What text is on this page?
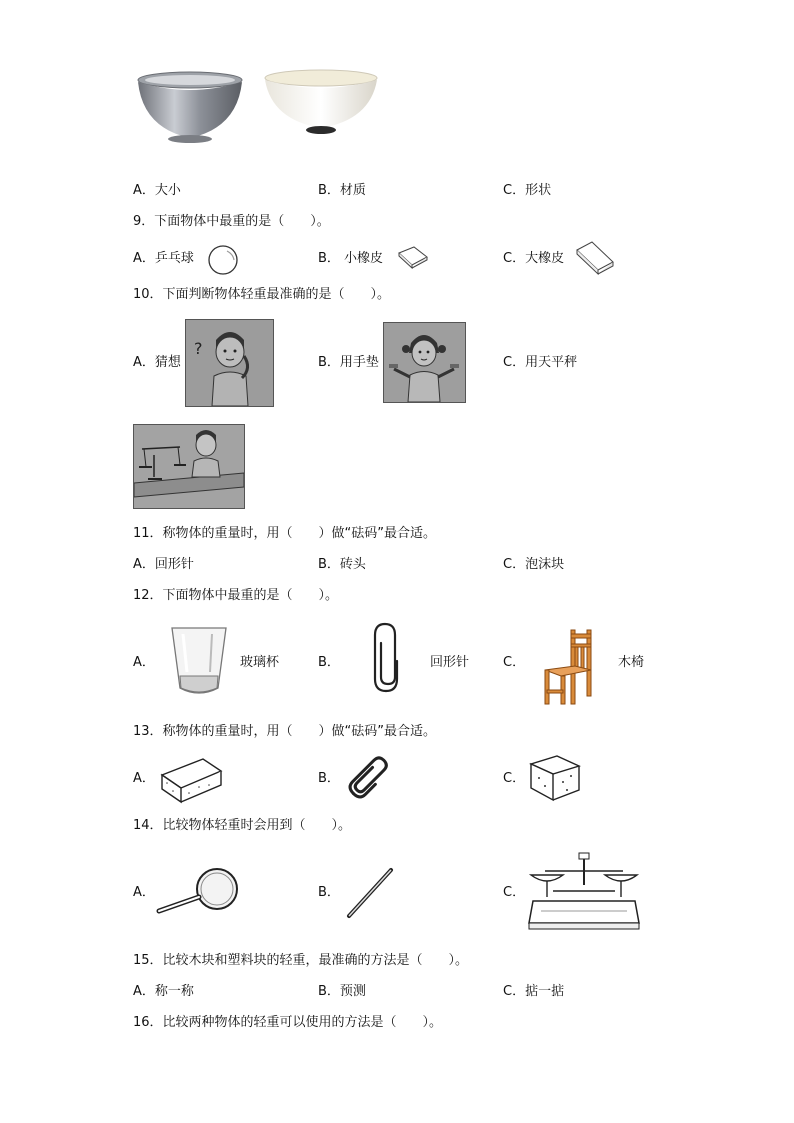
A．大小	B．材质	C．形状
9．下面物体中最重的是（　　）。
A．乒乓球	B． 小橡皮	C．大橡皮
10．下面判断物体轻重最准确的是（　　）。
A．猜想
?
B．用手垫	C．用天平秤
11．称物体的重量时，用（　　）做“砝码”最合适。
A．回形针	B．砖头	C．泡沫块
12．下面物体中最重的是（　　）。
A．	玻璃杯	B．	回形针	C．	木椅
13．称物体的重量时，用（　　）做“砝码”最合适。
A．	B．	C．
14．比较物体轻重时会用到（　　）。
A．	B．	C．
15．比较木块和塑料块的轻重，最准确的方法是（　　）。
A．称一称	B．预测	C．掂一掂
16．比较两种物体的轻重可以使用的方法是（　　）。
